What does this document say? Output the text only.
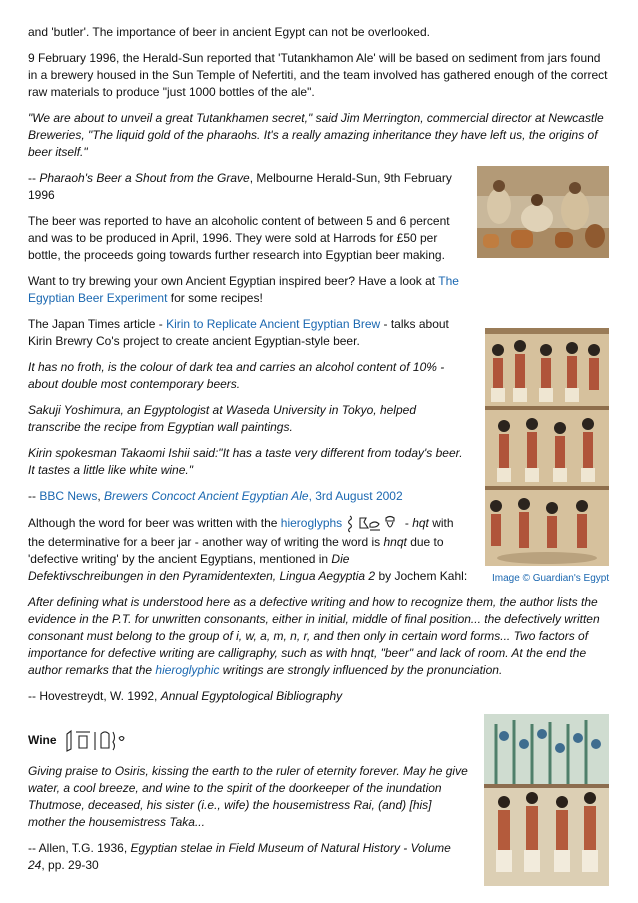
and 'butler'. The importance of beer in ancient Egypt can not be overlooked.

9 February 1996, the Herald-Sun reported that 'Tutankhamon Ale' will be based on sediment from jars found in a brewery housed in the Sun Temple of Nefertiti, and the team involved has gathered enough of the correct raw materials to produce "just 1000 bottles of the ale".

"We are about to unveil a great Tutankhamen secret," said Jim Merrington, commercial director at Newcastle Breweries, "The liquid gold of the pharaohs. It's a really amazing inheritance they have left us, the origins of beer itself."

-- Pharaoh's Beer a Shout from the Grave, Melbourne Herald-Sun, 9th February 1996

The beer was reported to have an alcoholic content of between 5 and 6 percent and was to be produced in April, 1996. They were sold at Harrods for £50 per bottle, the proceeds going towards further research into Egyptian beer making.

Want to try brewing your own Ancient Egyptian inspired beer? Have a look at The Egyptian Beer Experiment for some recipes!

The Japan Times article - Kirin to Replicate Ancient Egyptian Brew - talks about Kirin Brewry Co's project to create ancient Egyptian-style beer.

It has no froth, is the colour of dark tea and carries an alcohol content of 10% - about double most contemporary beers.

Sakuji Yoshimura, an Egyptologist at Waseda University in Tokyo, helped transcribe the recipe from Egyptian wall paintings.

Kirin spokesman Takaomi Ishii said:"It has a taste very different from today's beer. It tastes a little like white wine."

-- BBC News, Brewers Concoct Ancient Egyptian Ale, 3rd August 2002

Although the word for beer was written with the hieroglyphs	- hqt with the determinative for a beer jar - another way of writing the word is hnqt due to 'defective writing' by the ancient Egyptians, mentioned in Die Defektivschreibungen in den Pyramidentexten, Lingua Aegyptia 2 by Jochem Kahl:

After defining what is understood here as a defective writing and how to recognize them, the author lists the evidence in the P.T. for unwritten consonants, either in initial, middle of final position... the defectively written consonant must belong to the group of i, w, a, m, n, r, and then only in certain word forms... Two factors of importance for defective writing are calligraphy, such as with hnqt, "beer" and lack of room. At the end the author remarks that the hieroglyphic writings are strongly influenced by the pronunciation.

-- Hovestreydt, W. 1992, Annual Egyptological Bibliography

Wine

Giving praise to Osiris, kissing the earth to the ruler of eternity forever. May he give water, a cool breeze, and wine to the spirit of the doorkeeper of the inundation Thutmose, deceased, his sister (i.e., wife) the housemistress Rai, (and) [his] mother the housemistress Taka...

-- Allen, T.G. 1936, Egyptian stelae in Field Museum of Natural History - Volume 24, pp. 29-30

Image © Guardian's Egypt
